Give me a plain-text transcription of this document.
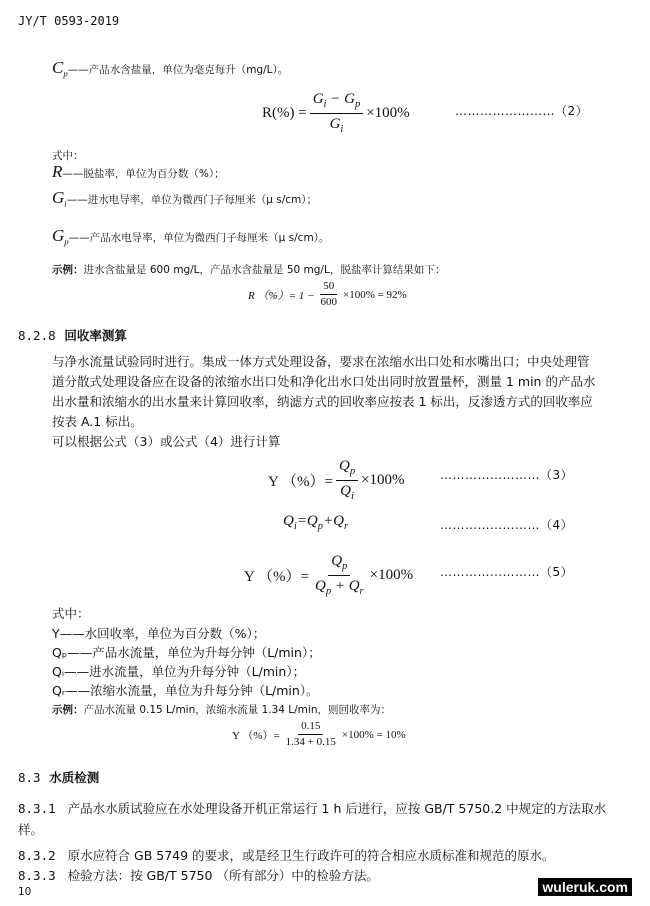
JY/T 0593-2019
$C_p——$产品水含盐量，单位为毫克每升（mg/L）。
$R(\%) = \frac{G_i - G_p}{G_i} \times 100\%$	……………………（2）
式中：
R——脱盐率，单位为百分数（%）；
$G_i——$进水电导率，单位为微西门子每厘米（μ s/cm）；
$G_p——$产品水电导率，单位为微西门子每厘米（μ s/cm）。
示例：进水含盐量是 600 mg/L，产品水含盐量是 50 mg/L，脱盐率计算结果如下：
R （%）= $1 - \frac{50}{600} \times 100\% = 92\%$
8.2.8 回收率测算
与净水流量试验同时进行。集成一体方式处理设备，要求在浓缩水出口处和水嘴出口；中央处理管道分散式处理设备应在设备的浓缩水出口处和净化出水口处出同时放置量杯，测量 1 min 的产品水出水量和浓缩水的出水量来计算回收率，纳滤方式的回收率应按表 1 标出，反渗透方式的回收率应按表 A.1 标出。
可以根据公式（3）或公式（4）进行计算
Y （%）= $\frac{Q_p}{Q_i} \times 100\%$	……………………（3）
$Q_i=Q_p+Q_r$	……………………（4）
Y （%）= $\frac{Q_p}{Q_p + Q_r} \times 100\%$ ……………………（5）
式中：
Y——水回收率，单位为百分数（%）；
Qₚ——产品水流量，单位为升每分钟（L/min）；
Qᵢ——进水流量，单位为升每分钟（L/min）；
Qᵣ——浓缩水流量，单位为升每分钟（L/min）。
示例：产品水流量 0.15 L/min，浓缩水流量 1.34 L/min，则回收率为：
Y （%）= $\frac{0.15}{1.34 + 0.15} \times 100\% = 10\%$
8.3 水质检测
8.3.1 产品水水质试验应在水处理设备开机正常运行 1 h 后进行，应按 GB/T 5750.2 中规定的方法取水样。
8.3.2 原水应符合 GB 5749 的要求，或是经卫生行政许可的符合相应水质标准和规范的原水。
8.3.3 检验方法：按 GB/T 5750 （所有部分）中的检验方法。
10	wuleruk.com
